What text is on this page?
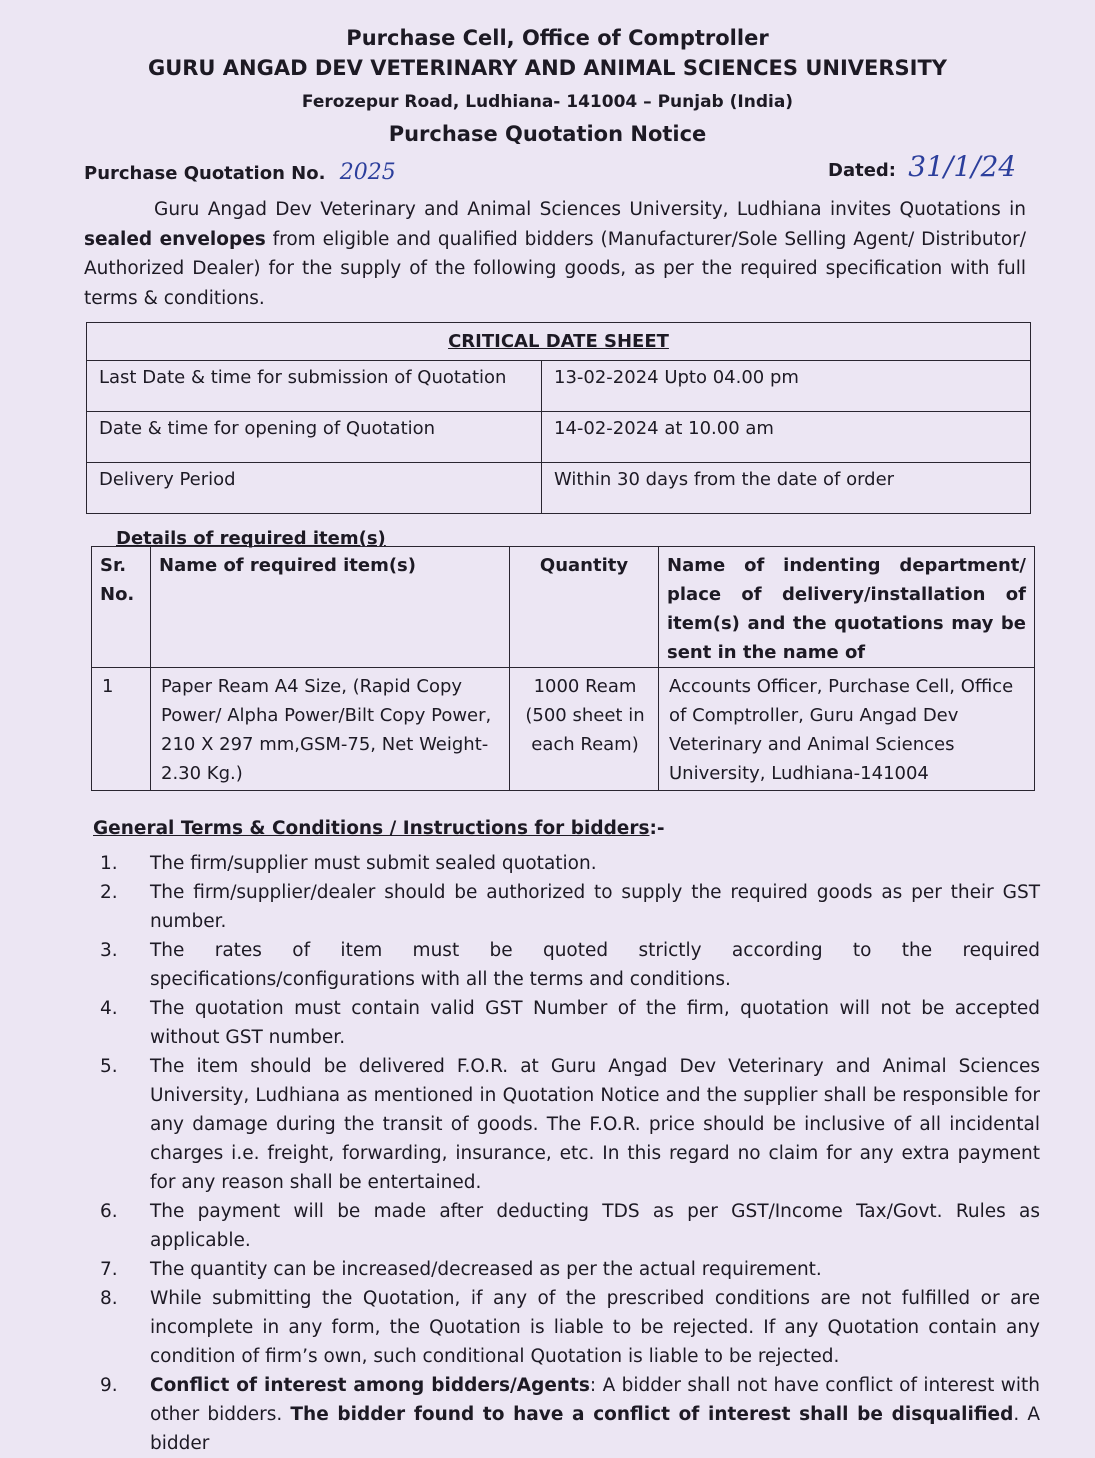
Purchase Cell, Office of Comptroller
GURU ANGAD DEV VETERINARY AND ANIMAL SCIENCES UNIVERSITY
Ferozepur Road, Ludhiana- 141004 – Punjab (India)
Purchase Quotation Notice
Purchase Quotation No. 2025	Dated: 31/1/24

Guru Angad Dev Veterinary and Animal Sciences University, Ludhiana invites Quotations in sealed envelopes from eligible and qualified bidders (Manufacturer/Sole Selling Agent/ Distributor/ Authorized Dealer) for the supply of the following goods, as per the required specification with full terms & conditions.

CRITICAL DATE SHEET	
Last Date & time for submission of Quotation	13-02-2024 Upto 04.00 pm
Date & time for opening of Quotation	14-02-2024 at 10.00 am
Delivery Period	Within 30 days from the date of order
Details of required item(s)
Sr. No.	Name of required item(s)	Quantity	Name of indenting department/ place of delivery/installation of item(s) and the quotations may be sent in the name of
1	Paper Ream A4 Size, (Rapid Copy Power/ Alpha Power/Bilt Copy Power, 210 X 297 mm,GSM-75, Net Weight-2.30 Kg.)	1000 Ream (500 sheet in each Ream)	Accounts Officer, Purchase Cell, Office of Comptroller, Guru Angad Dev Veterinary and Animal Sciences University, Ludhiana-141004
General Terms & Conditions / Instructions for bidders:-
1.	The firm/supplier must submit sealed quotation.
2.	The firm/supplier/dealer should be authorized to supply the required goods as per their GST number.
3.	The rates of item must be quoted strictly according to the required specifications/configurations with all the terms and conditions.
4.	The quotation must contain valid GST Number of the firm, quotation will not be accepted without GST number.
5.	The item should be delivered F.O.R. at Guru Angad Dev Veterinary and Animal Sciences University, Ludhiana as mentioned in Quotation Notice and the supplier shall be responsible for any damage during the transit of goods. The F.O.R. price should be inclusive of all incidental charges i.e. freight, forwarding, insurance, etc. In this regard no claim for any extra payment for any reason shall be entertained.
6.	The payment will be made after deducting TDS as per GST/Income Tax/Govt. Rules as applicable.
7.	The quantity can be increased/decreased as per the actual requirement.
8.	While submitting the Quotation, if any of the prescribed conditions are not fulfilled or are incomplete in any form, the Quotation is liable to be rejected. If any Quotation contain any condition of firm’s own, such conditional Quotation is liable to be rejected.
9.	Conflict of interest among bidders/Agents: A bidder shall not have conflict of interest with other bidders. The bidder found to have a conflict of interest shall be disqualified. A bidder
